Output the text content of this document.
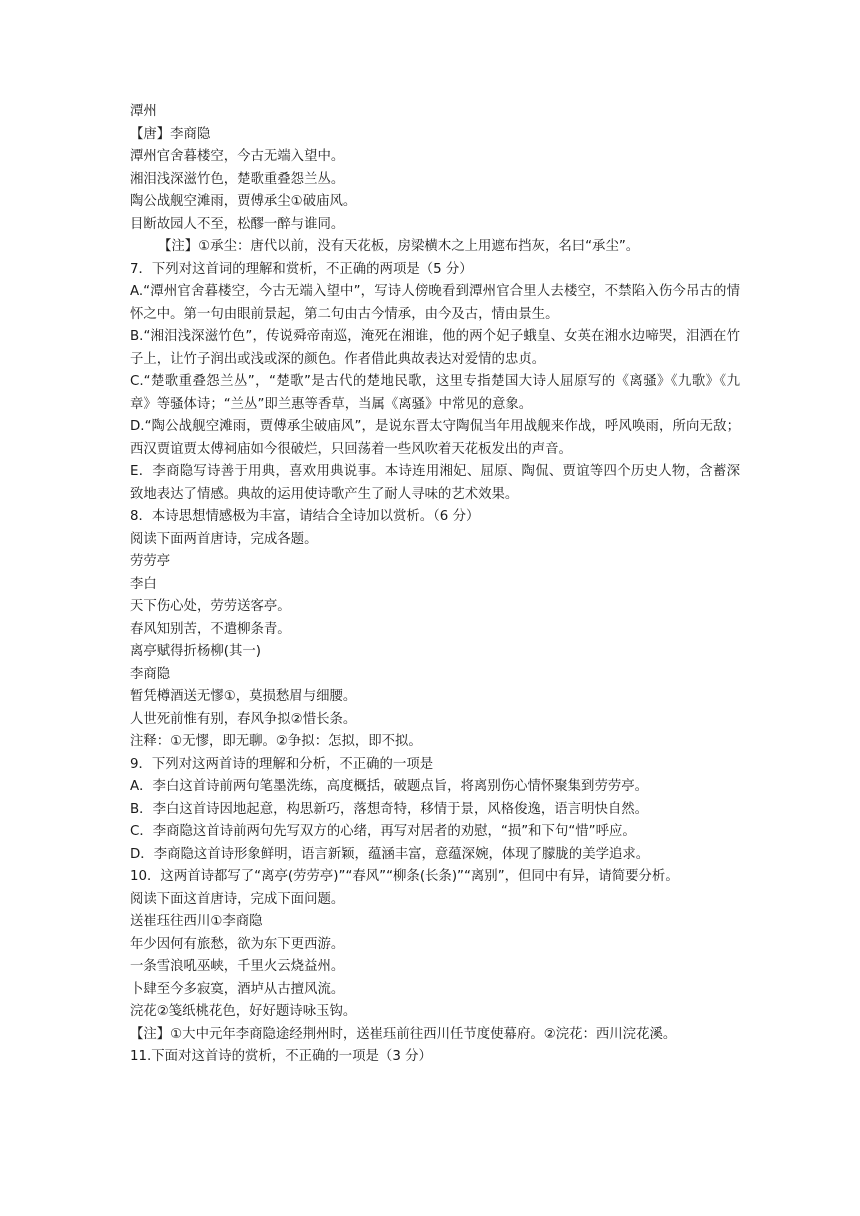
潭州

【唐】李商隐

潭州官舍暮楼空，今古无端入望中。

湘泪浅深滋竹色，楚歌重叠怨兰丛。

陶公战舰空滩雨，贾傅承尘①破庙风。

目断故园人不至，松醪一醉与谁同。

【注】①承尘：唐代以前，没有天花板，房梁横木之上用遮布挡灰，名曰“承尘”。

7．下列对这首词的理解和赏析，不正确的两项是（5 分）

A.“潭州官舍暮楼空，今古无端入望中”，写诗人傍晚看到潭州官合里人去楼空，不禁陷入伤今吊古的情怀之中。第一句由眼前景起，第二句由古今情承，由今及古，情由景生。

B.“湘泪浅深滋竹色”，传说舜帝南巡，淹死在湘谁，他的两个妃子蛾皇、女英在湘水边啼哭，泪洒在竹子上，让竹子润出或浅或深的颜色。作者借此典故表达对爱情的忠贞。

C.“楚歌重叠怨兰丛”，“楚歌”是古代的楚地民歌，这里专指楚国大诗人屈原写的《离骚》《九歌》《九章》等骚体诗；“兰丛”即兰惠等香草，当属《离骚》中常见的意象。

D.“陶公战舰空滩雨，贾傅承尘破庙风”，是说东晋太守陶侃当年用战舰来作战，呼风唤雨，所向无敌；西汉贾谊贾太傅祠庙如今很破烂，只回荡着一些风吹着天花板发出的声音。

E．李商隐写诗善于用典，喜欢用典说事。本诗连用湘妃、屈原、陶侃、贾谊等四个历史人物，含蓄深致地表达了情感。典故的运用使诗歌产生了耐人寻味的艺术效果。

8．本诗思想情感极为丰富，请结合全诗加以赏析。（6 分）

阅读下面两首唐诗，完成各题。

劳劳亭

李白

天下伤心处，劳劳送客亭。

春风知别苦，不遣柳条青。

离亭赋得折杨柳(其一)

李商隐

暂凭樽酒送无憀①，莫损愁眉与细腰。

人世死前惟有别，春风争拟②惜长条。

注释：①无憀，即无聊。②争拟：怎拟，即不拟。

9．下列对这两首诗的理解和分析，不正确的一项是

A．李白这首诗前两句笔墨洗练，高度概括，破题点旨，将离别伤心情怀聚集到劳劳亭。

B．李白这首诗因地起意，构思新巧，落想奇特，移情于景，风格俊逸，语言明快自然。

C．李商隐这首诗前两句先写双方的心绪，再写对居者的劝慰，“损”和下句“惜”呼应。

D．李商隐这首诗形象鲜明，语言新颖，蕴涵丰富，意蕴深婉，体现了朦胧的美学追求。

10．这两首诗都写了“离亭(劳劳亭)”“春风”“柳条(长条)”“离别”，但同中有异，请简要分析。

阅读下面这首唐诗，完成下面问题。

送崔珏往西川①李商隐

年少因何有旅愁，欲为东下更西游。

一条雪浪吼巫峡，千里火云烧益州。

卜肆至今多寂寞，酒垆从古擅风流。

浣花②笺纸桃花色，好好题诗咏玉钩。

【注】①大中元年李商隐途经荆州时，送崔珏前往西川任节度使幕府。②浣花：西川浣花溪。

11.下面对这首诗的赏析，不正确的一项是（3 分）
